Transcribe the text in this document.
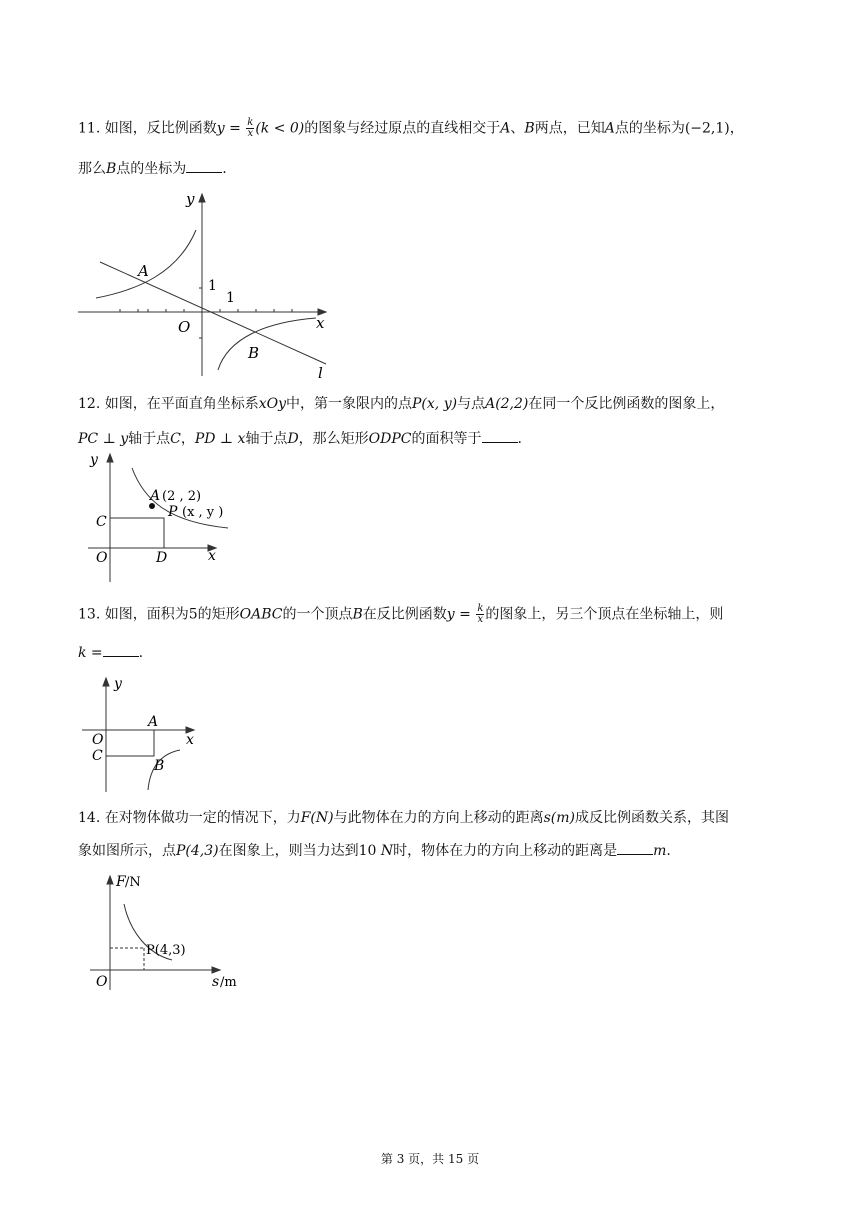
11. 如图，反比例函数$y = \frac{k}{x} (k < 0)$的图象与经过原点的直线相交于A、B两点，已知A点的坐标为(−2,1)，
那么B点的坐标为	.
y
x
O
A
B
l
1
1
12. 如图，在平面直角坐标系xOy中，第一象限内的点P(x, y)与点A(2,2)在同一个反比例函数的图象上，
PC ⊥ y轴于点C，PD ⊥ x轴于点D，那么矩形ODPC的面积等于	.
y
x
O
C
D
A (2 , 2)
P (x , y )
13. 如图，面积为5的矩形OABC的一个顶点B在反比例函数$y = \frac{k}{x}$ 的图象上，另三个顶点在坐标轴上，则
k =	.
y
x
O
C
A
B
14. 在对物体做功一定的情况下，力F(N)与此物体在力的方向上移动的距离s(m)成反比例函数关系，其图
象如图所示，点P(4,3)在图象上，则当力达到10 N时，物体在力的方向上移动的距离是	m.
F /N
O	s /m
P(4,3)
第 3 页，共 15 页
